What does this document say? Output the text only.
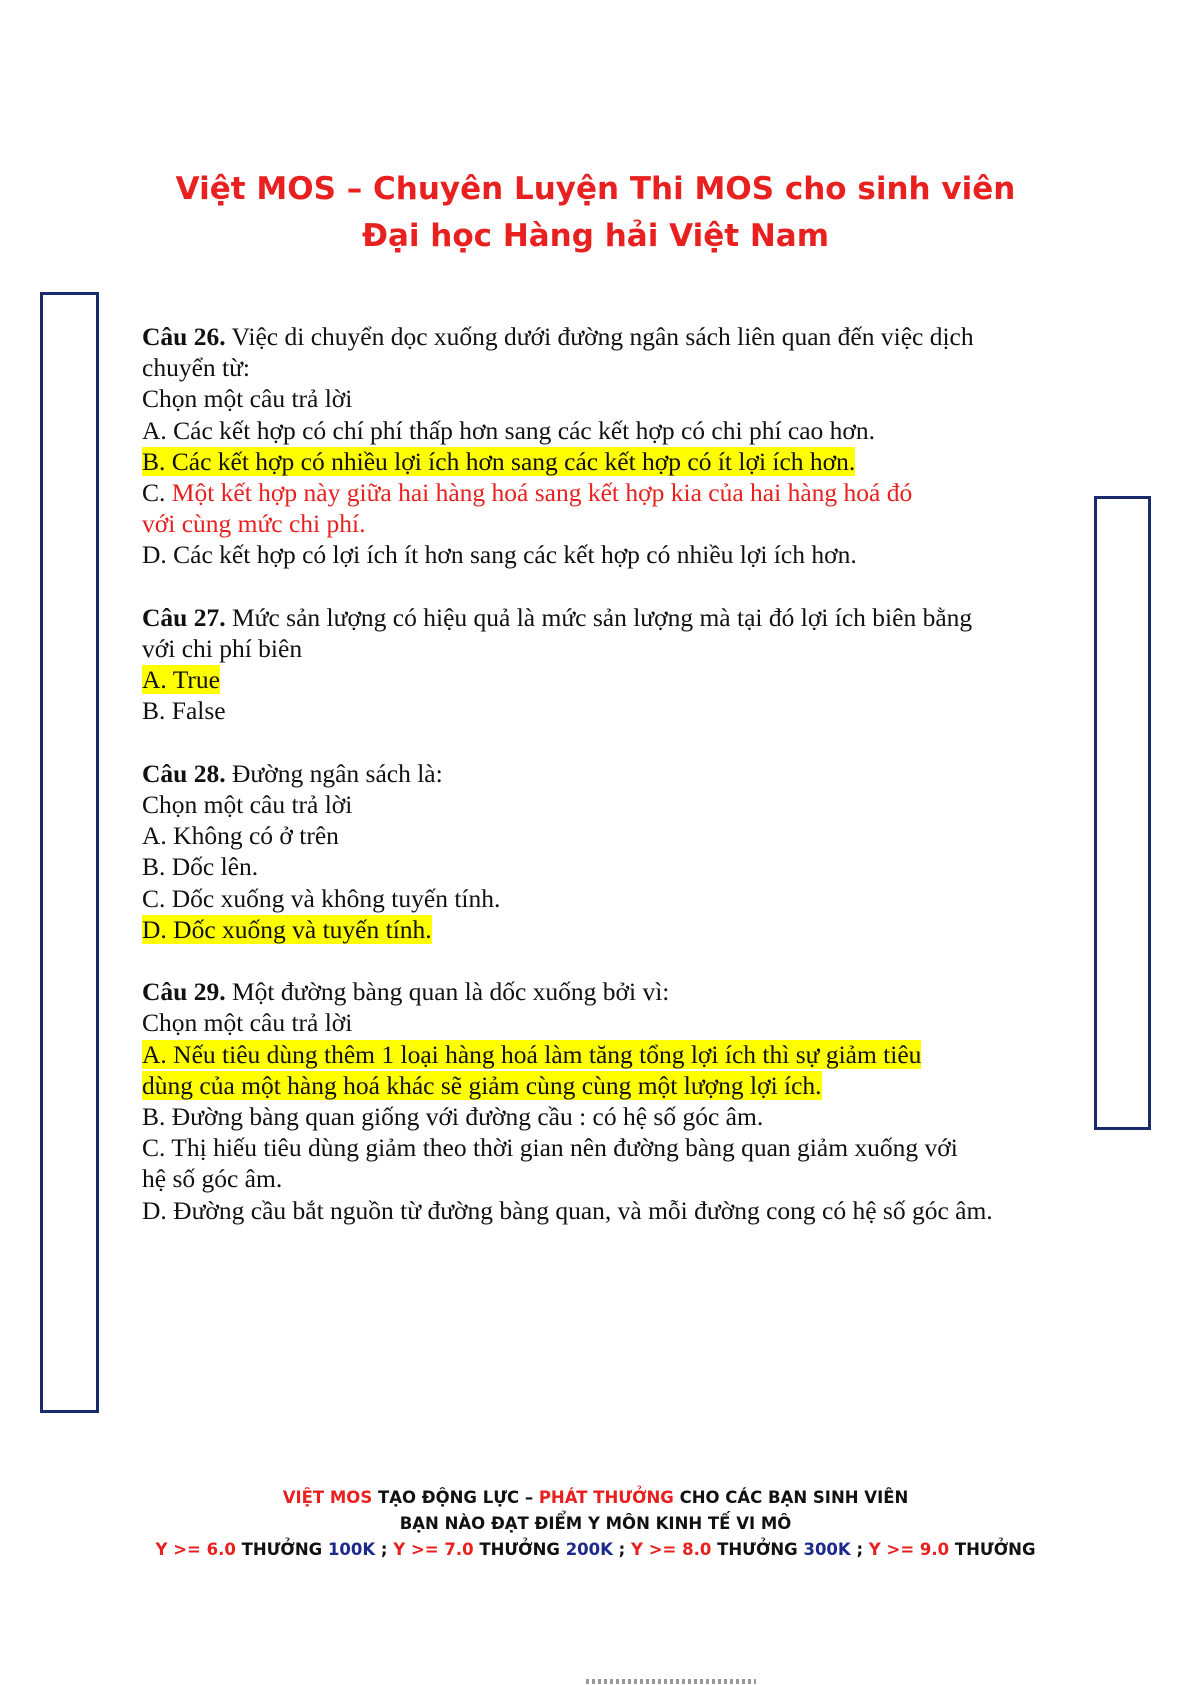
Việt MOS – Chuyên Luyện Thi MOS cho sinh viên
Đại học Hàng hải Việt Nam
Câu 26. Việc di chuyển dọc xuống dưới đường ngân sách liên quan đến việc dịch
chuyển từ:
Chọn một câu trả lời
A. Các kết hợp có chí phí thấp hơn sang các kết hợp có chi phí cao hơn.
B. Các kết hợp có nhiều lợi ích hơn sang các kết hợp có ít lợi ích hơn.
C. Một kết hợp này giữa hai hàng hoá sang kết hợp kia của hai hàng hoá đó
với cùng mức chi phí.
D. Các kết hợp có lợi ích ít hơn sang các kết hợp có nhiều lợi ích hơn.
Câu 27. Mức sản lượng có hiệu quả là mức sản lượng mà tại đó lợi ích biên bằng
với chi phí biên
A. True
B. False
Câu 28. Đường ngân sách là:
Chọn một câu trả lời
A. Không có ở trên
B. Dốc lên.
C. Dốc xuống và không tuyến tính.
D. Dốc xuống và tuyến tính.
Câu 29. Một đường bàng quan là dốc xuống bởi vì:
Chọn một câu trả lời
A. Nếu tiêu dùng thêm 1 loại hàng hoá làm tăng tổng lợi ích thì sự giảm tiêu
dùng của một hàng hoá khác sẽ giảm cùng cùng một lượng lợi ích.
B. Đường bàng quan giống với đường cầu : có hệ số góc âm.
C. Thị hiếu tiêu dùng giảm theo thời gian nên đường bàng quan giảm xuống với
hệ số góc âm.
D. Đường cầu bắt nguồn từ đường bàng quan, và mỗi đường cong có hệ số góc âm.
VIỆT MOS TẠO ĐỘNG LỰC – PHÁT THƯỞNG CHO CÁC BẠN SINH VIÊN
BẠN NÀO ĐẠT ĐIỂM Y MÔN KINH TẾ VI MÔ
Y >= 6.0 THƯỞNG 100K ; Y >= 7.0 THƯỞNG 200K ; Y >= 8.0 THƯỞNG 300K ; Y >= 9.0 THƯỞNG
